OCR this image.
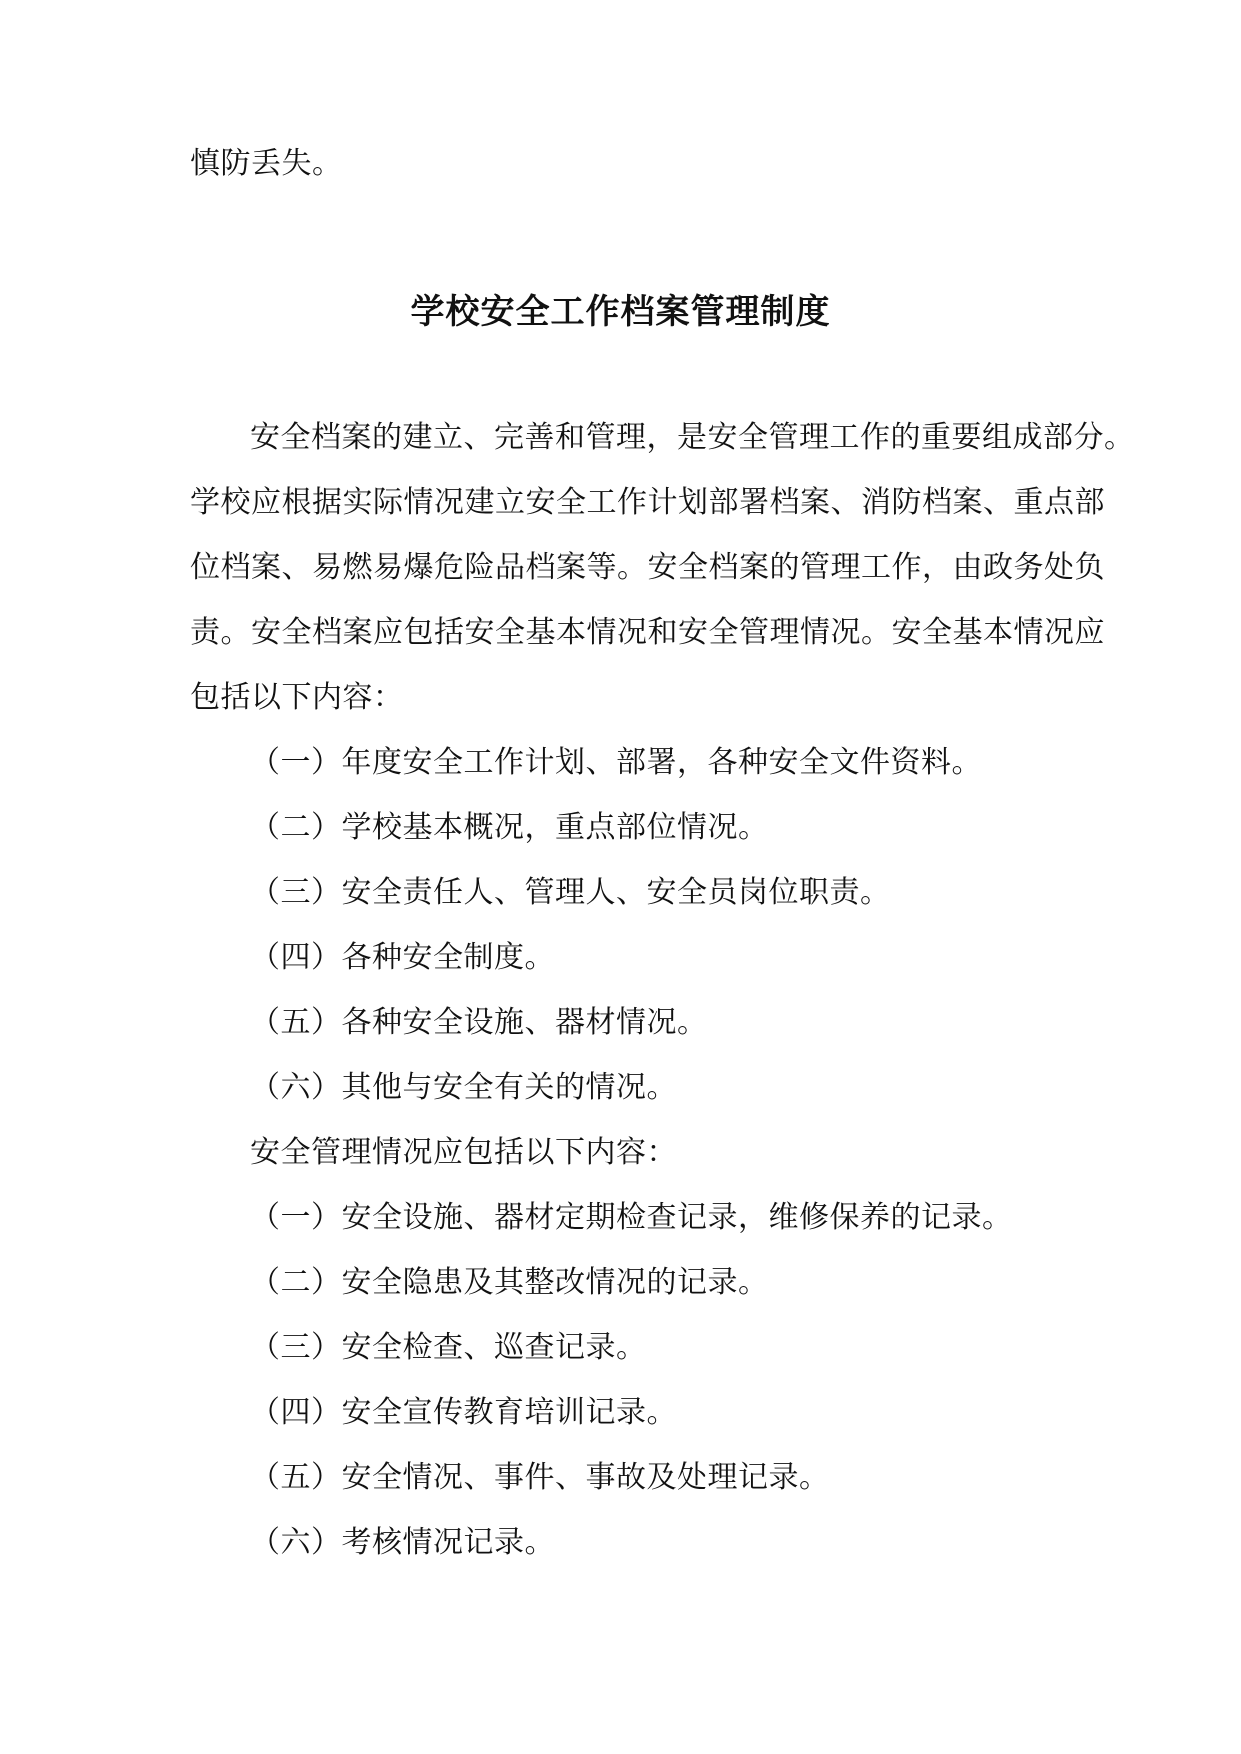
慎防丢失。

学校安全工作档案管理制度

安全档案的建立、完善和管理，是安全管理工作的重要组成部分。

学校应根据实际情况建立安全工作计划部署档案、消防档案、重点部

位档案、易燃易爆危险品档案等。安全档案的管理工作，由政务处负

责。安全档案应包括安全基本情况和安全管理情况。安全基本情况应

包括以下内容：

（一）年度安全工作计划、部署，各种安全文件资料。

（二）学校基本概况，重点部位情况。

（三）安全责任人、管理人、安全员岗位职责。

（四）各种安全制度。

（五）各种安全设施、器材情况。

（六）其他与安全有关的情况。

安全管理情况应包括以下内容：

（一）安全设施、器材定期检查记录，维修保养的记录。

（二）安全隐患及其整改情况的记录。

（三）安全检查、巡查记录。

（四）安全宣传教育培训记录。

（五）安全情况、事件、事故及处理记录。

（六）考核情况记录。
